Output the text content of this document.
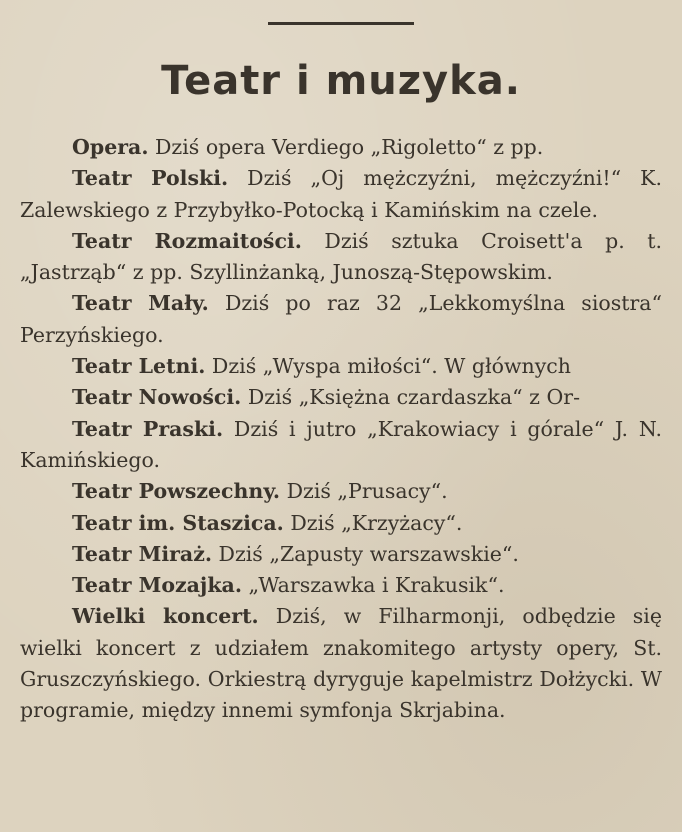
Teatr i muzyka.

Opera. Dziś opera Verdiego „Rigoletto“ z pp.

Teatr Polski. Dziś „Oj mężczyźni, mężczyźni!“ K. Zalewskiego z Przybyłko-Potocką i Kamińskim na czele.

Teatr Rozmaitości. Dziś sztuka Croisett'a p. t. „Jastrząb“ z pp. Szyllinżanką, Junoszą-Stępowskim.

Teatr Mały. Dziś po raz 32 „Lekkomyślna siostra“ Perzyńskiego.

Teatr Letni. Dziś „Wyspa miłości“. W głównych

Teatr Nowości. Dziś „Księżna czardaszka“ z Or-

Teatr Praski. Dziś i jutro „Krakowiacy i górale“ J. N. Kamińskiego.

Teatr Powszechny. Dziś „Prusacy“.

Teatr im. Staszica. Dziś „Krzyżacy“.

Teatr Miraż. Dziś „Zapusty warszawskie“.

Teatr Mozajka. „Warszawka i Krakusik“.

Wielki koncert. Dziś, w Filharmonji, odbędzie się wielki koncert z udziałem znakomitego artysty opery, St. Gruszczyńskiego. Orkiestrą dyryguje kapelmistrz Dołżycki. W programie, między innemi symfonja Skrjabina.
